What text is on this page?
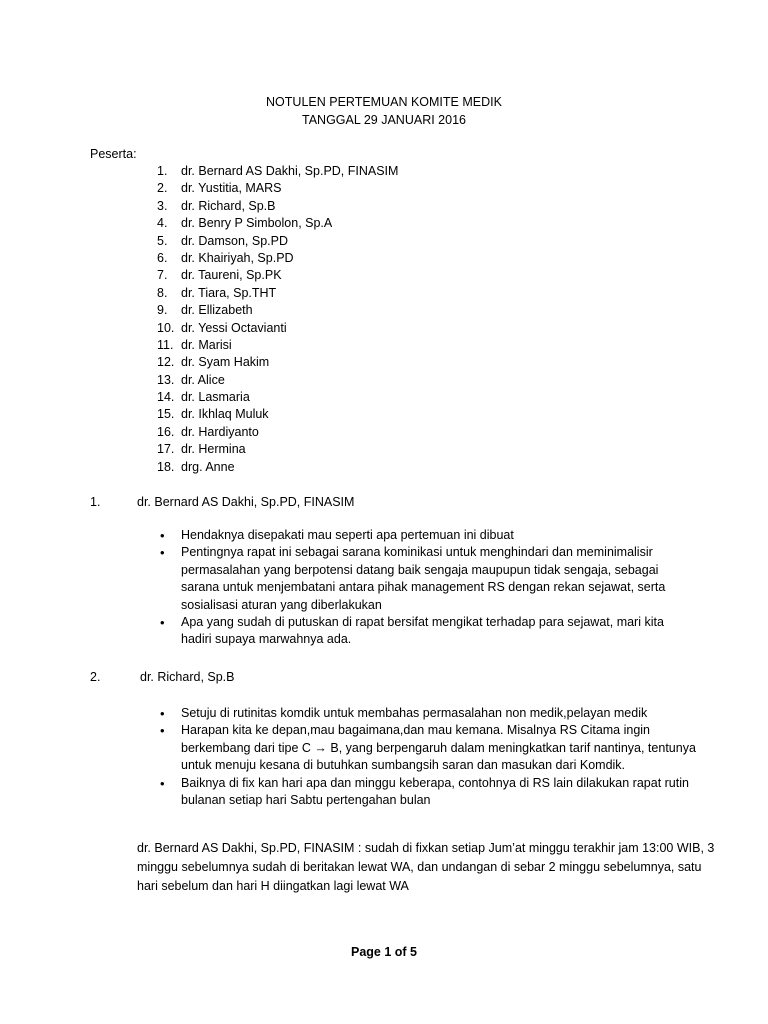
NOTULEN PERTEMUAN KOMITE MEDIK
TANGGAL 29 JANUARI 2016
Peserta:
1. dr. Bernard AS Dakhi, Sp.PD, FINASIM
2. dr. Yustitia, MARS
3. dr. Richard, Sp.B
4. dr. Benry P Simbolon, Sp.A
5. dr. Damson, Sp.PD
6. dr. Khairiyah, Sp.PD
7. dr. Taureni, Sp.PK
8. dr. Tiara, Sp.THT
9. dr. Ellizabeth
10. dr. Yessi Octavianti
11. dr. Marisi
12. dr. Syam Hakim
13. dr. Alice
14. dr. Lasmaria
15. dr. Ikhlaq Muluk
16. dr. Hardiyanto
17. dr. Hermina
18. drg. Anne
1.	dr. Bernard AS Dakhi, Sp.PD, FINASIM
• Hendaknya disepakati mau seperti apa pertemuan ini dibuat
• Pentingnya rapat ini sebagai sarana kominikasi untuk menghindari dan meminimalisir permasalahan yang berpotensi datang baik sengaja maupupun tidak sengaja, sebagai sarana untuk menjembatani antara pihak management RS dengan rekan sejawat, serta sosialisasi aturan yang diberlakukan
• Apa yang sudah di putuskan di rapat bersifat mengikat terhadap para sejawat, mari kita hadiri supaya marwahnya ada.
2.	dr. Richard, Sp.B
• Setuju di rutinitas komdik untuk membahas permasalahan non medik,pelayan medik
• Harapan kita ke depan,mau bagaimana,dan mau kemana. Misalnya RS Citama ingin berkembang dari tipe C → B, yang berpengaruh dalam meningkatkan tarif nantinya, tentunya untuk menuju kesana di butuhkan sumbangsih saran dan masukan dari Komdik.
• Baiknya di fix kan hari apa dan minggu keberapa, contohnya di RS lain dilakukan rapat rutin bulanan setiap hari Sabtu pertengahan bulan
dr. Bernard AS Dakhi, Sp.PD, FINASIM : sudah di fixkan setiap Jum’at minggu terakhir jam 13:00 WIB, 3 minggu sebelumnya sudah di beritakan lewat WA, dan undangan di sebar 2 minggu sebelumnya, satu hari sebelum dan hari H diingatkan lagi lewat WA
Page 1 of 5
